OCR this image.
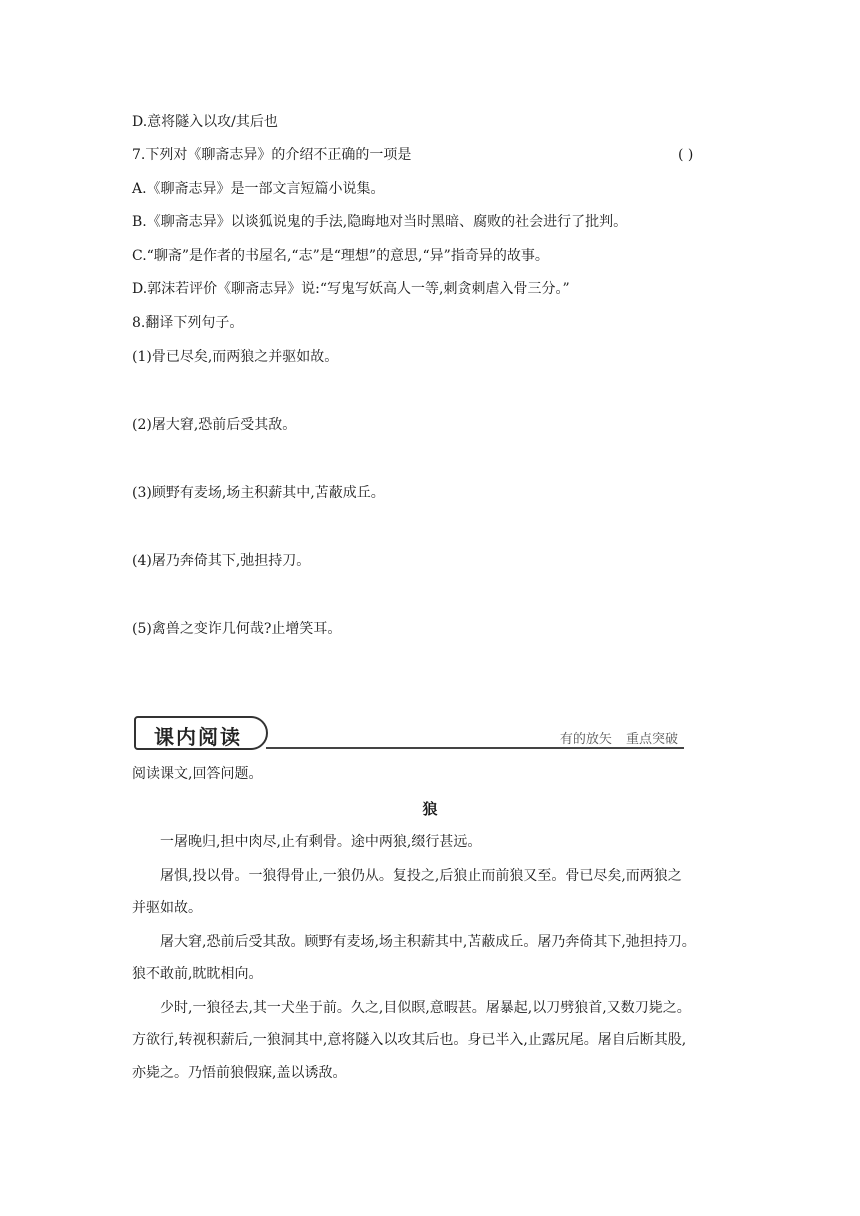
D.意将隧入以攻/其后也
7.下列对《聊斋志异》的介绍不正确的一项是	( )
A.《聊斋志异》是一部文言短篇小说集。
B.《聊斋志异》以谈狐说鬼的手法,隐晦地对当时黑暗、腐败的社会进行了批判。
C.“聊斋”是作者的书屋名,“志”是“理想”的意思,“异”指奇异的故事。
D.郭沫若评价《聊斋志异》说:“写鬼写妖高人一等,刺贪刺虐入骨三分。”
8.翻译下列句子。
(1)骨已尽矣,而两狼之并驱如故。
(2)屠大窘,恐前后受其敌。
(3)顾野有麦场,场主积薪其中,苫蔽成丘。
(4)屠乃奔倚其下,弛担持刀。
(5)禽兽之变诈几何哉?止增笑耳。
课内阅读	有的放矢 重点突破
阅读课文,回答问题。
狼
一屠晚归,担中肉尽,止有剩骨。途中两狼,缀行甚远。
屠惧,投以骨。一狼得骨止,一狼仍从。复投之,后狼止而前狼又至。骨已尽矣,而两狼之
并驱如故。
屠大窘,恐前后受其敌。顾野有麦场,场主积薪其中,苫蔽成丘。屠乃奔倚其下,弛担持刀。
狼不敢前,眈眈相向。
少时,一狼径去,其一犬坐于前。久之,目似瞑,意暇甚。屠暴起,以刀劈狼首,又数刀毙之。
方欲行,转视积薪后,一狼洞其中,意将隧入以攻其后也。身已半入,止露尻尾。屠自后断其股,
亦毙之。乃悟前狼假寐,盖以诱敌。
